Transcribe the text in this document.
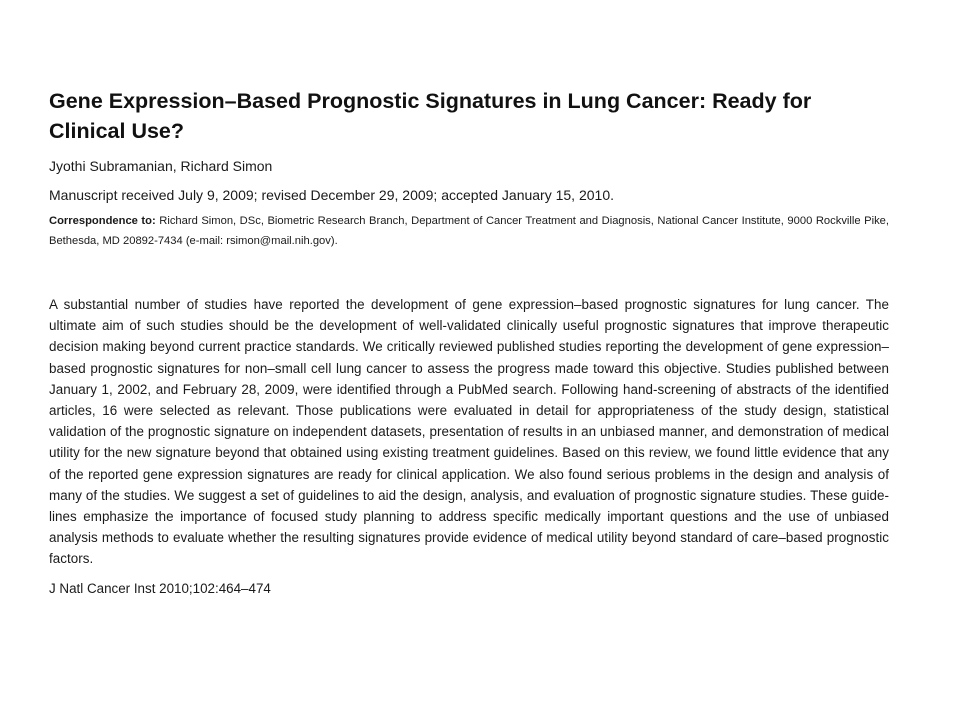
Gene Expression–Based Prognostic Signatures in Lung Cancer: Ready for Clinical Use?
Jyothi Subramanian, Richard Simon
Manuscript received July 9, 2009; revised December 29, 2009; accepted January 15, 2010.
Correspondence to: Richard Simon, DSc, Biometric Research Branch, Department of Cancer Treatment and Diagnosis, National Cancer Institute, 9000 Rockville Pike, Bethesda, MD 20892-7434 (e-mail: rsimon@mail.nih.gov).
A substantial number of studies have reported the development of gene expression–based prognostic signatures for lung cancer. The ultimate aim of such studies should be the development of well-validated clinically useful prognostic signatures that improve therapeutic decision making beyond current practice standards. We critically reviewed published studies reporting the development of gene expression–based prognostic signatures for non–small cell lung cancer to assess the progress made toward this objective. Studies published between January 1, 2002, and February 28, 2009, were identified through a PubMed search. Following hand-screening of abstracts of the identified articles, 16 were selected as relevant. Those publications were evaluated in detail for appropriateness of the study design, statistical validation of the prognostic signature on independent datasets, presentation of results in an unbiased manner, and demonstration of medical utility for the new signature beyond that obtained using existing treatment guidelines. Based on this review, we found little evidence that any of the reported gene expression signatures are ready for clinical application. We also found serious problems in the design and analysis of many of the studies. We suggest a set of guidelines to aid the design, analysis, and evaluation of prognostic signature studies. These guidelines emphasize the importance of focused study planning to address specific medically important questions and the use of unbiased analysis methods to evaluate whether the resulting signatures provide evidence of medical utility beyond standard of care–based prognostic factors.
J Natl Cancer Inst 2010;102:464–474
